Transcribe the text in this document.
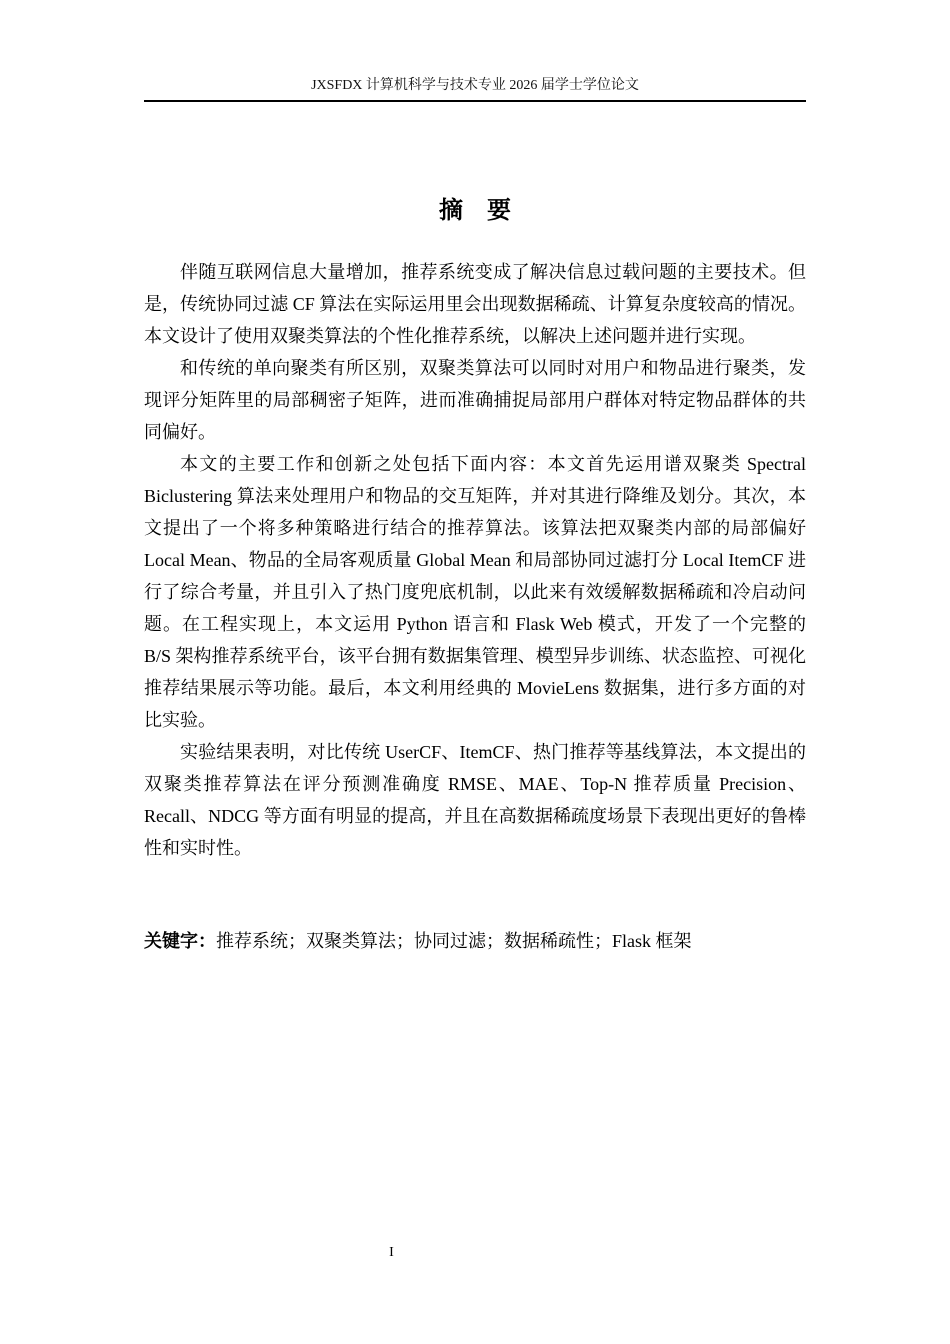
JXSFDX 计算机科学与技术专业 2026 届学士学位论文
摘要

伴随互联网信息大量增加，推荐系统变成了解决信息过载问题的主要技术。但是，传统协同过滤 CF 算法在实际运用里会出现数据稀疏、计算复杂度较高的情况。本文设计了使用双聚类算法的个性化推荐系统，以解决上述问题并进行实现。

和传统的单向聚类有所区别，双聚类算法可以同时对用户和物品进行聚类，发现评分矩阵里的局部稠密子矩阵，进而准确捕捉局部用户群体对特定物品群体的共同偏好。

本文的主要工作和创新之处包括下面内容：本文首先运用谱双聚类 Spectral Biclustering 算法来处理用户和物品的交互矩阵，并对其进行降维及划分。其次，本文提出了一个将多种策略进行结合的推荐算法。该算法把双聚类内部的局部偏好 Local Mean、物品的全局客观质量 Global Mean 和局部协同过滤打分 Local ItemCF 进行了综合考量，并且引入了热门度兜底机制，以此来有效缓解数据稀疏和冷启动问题。在工程实现上，本文运用 Python 语言和 Flask Web 模式，开发了一个完整的 B/S 架构推荐系统平台，该平台拥有数据集管理、模型异步训练、状态监控、可视化推荐结果展示等功能。最后，本文利用经典的 MovieLens 数据集，进行多方面的对比实验。

实验结果表明，对比传统 UserCF、ItemCF、热门推荐等基线算法，本文提出的双聚类推荐算法在评分预测准确度 RMSE、MAE、Top-N 推荐质量 Precision、Recall、NDCG 等方面有明显的提高，并且在高数据稀疏度场景下表现出更好的鲁棒性和实时性。

关键字：推荐系统；双聚类算法；协同过滤；数据稀疏性；Flask 框架
I
